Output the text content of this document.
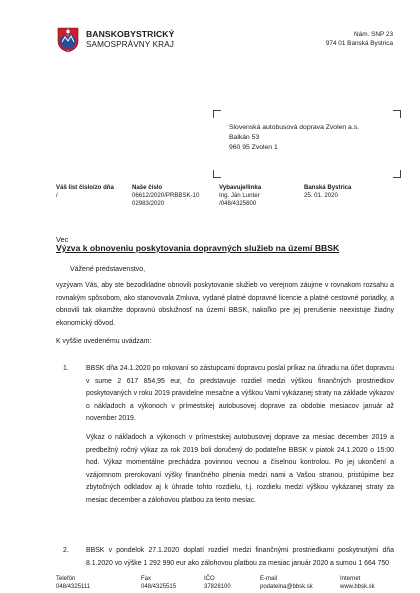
BANSKOBYSTRICKÝ
SAMOSPRÁVNY KRAJ
Nám. SNP 23
974 01 Banská Bystrica
Slovenská autobusová doprava Zvolen a.s.
Balkán 53
960 95 Zvolen 1
Váš list číslo/zo dňa
/
Naše číslo
06612/2020/PRBBSK-10
02983/2020
Vybavuje/linka
Ing. Ján Lunter
/048/4325600
Banská Bystrica
25. 01. 2020
Vec
Výzva k obnoveniu poskytovania dopravných služieb na území BBSK
Vážené predstavenstvo,
vyzývam Vás, aby ste bezodkladne obnovili poskytovanie služieb vo verejnom záujme v rovnakom rozsahu a rovnakým spôsobom, ako stanovovala Zmluva, vydané platné dopravné licencie a platné cestovné poriadky, a obnovili tak okamžite dopravnú obslužnosť na území BBSK, nakoľko pre jej prerušenie neexistuje žiadny ekonomický dôvod.
K vyššie uvedenému uvádzam:
1.	BBSK dňa 24.1.2020 po rokovaní so zástupcami dopravcu poslal príkaz na úhradu na účet dopravcu v sume 2 617 854,95 eur, čo predstavuje rozdiel medzi výškou finančných prostriedkov poskytovaných v roku 2019 pravidelne mesačne a výškou Vami vykázanej straty na základe výkazov o nákladoch a výkonoch v prímestskej autobusovej doprave za obdobie mesiacov január až november 2019.
Výkaz o nákladoch a výkonoch v prímestskej autobusovej doprave za mesiac december 2019 a predbežný ročný výkaz za rok 2019 boli doručený do podateľne BBSK v piatok 24.1.2020 o 15:00 hod. Výkaz momentálne prechádza povinnou vecnou a číselnou kontrolou. Po jej ukončení a vzájomnom prerokovaní výšky finančného plnenia medzi nami a Vašou stranou, pristúpime bez zbytočných odkladov aj k úhrade tohto rozdielu, t.j. rozdielu medzi výškou vykázanej straty za mesiac december a zálohovou platbou za tento mesiac.
2.	BBSK v pondelok 27.1.2020 doplatí rozdiel medzi finančnými prostriedkami poskytnutými dňa 8.1.2020 vo výške 1 292 990 eur ako zálohovou platbou za mesiac január 2020 a sumou 1 664 750
Telefón
048/4325111
Fax
048/4325515
IČO
37828100
E-mail
podatelna@bbsk.sk
Internet
www.bbsk.sk
